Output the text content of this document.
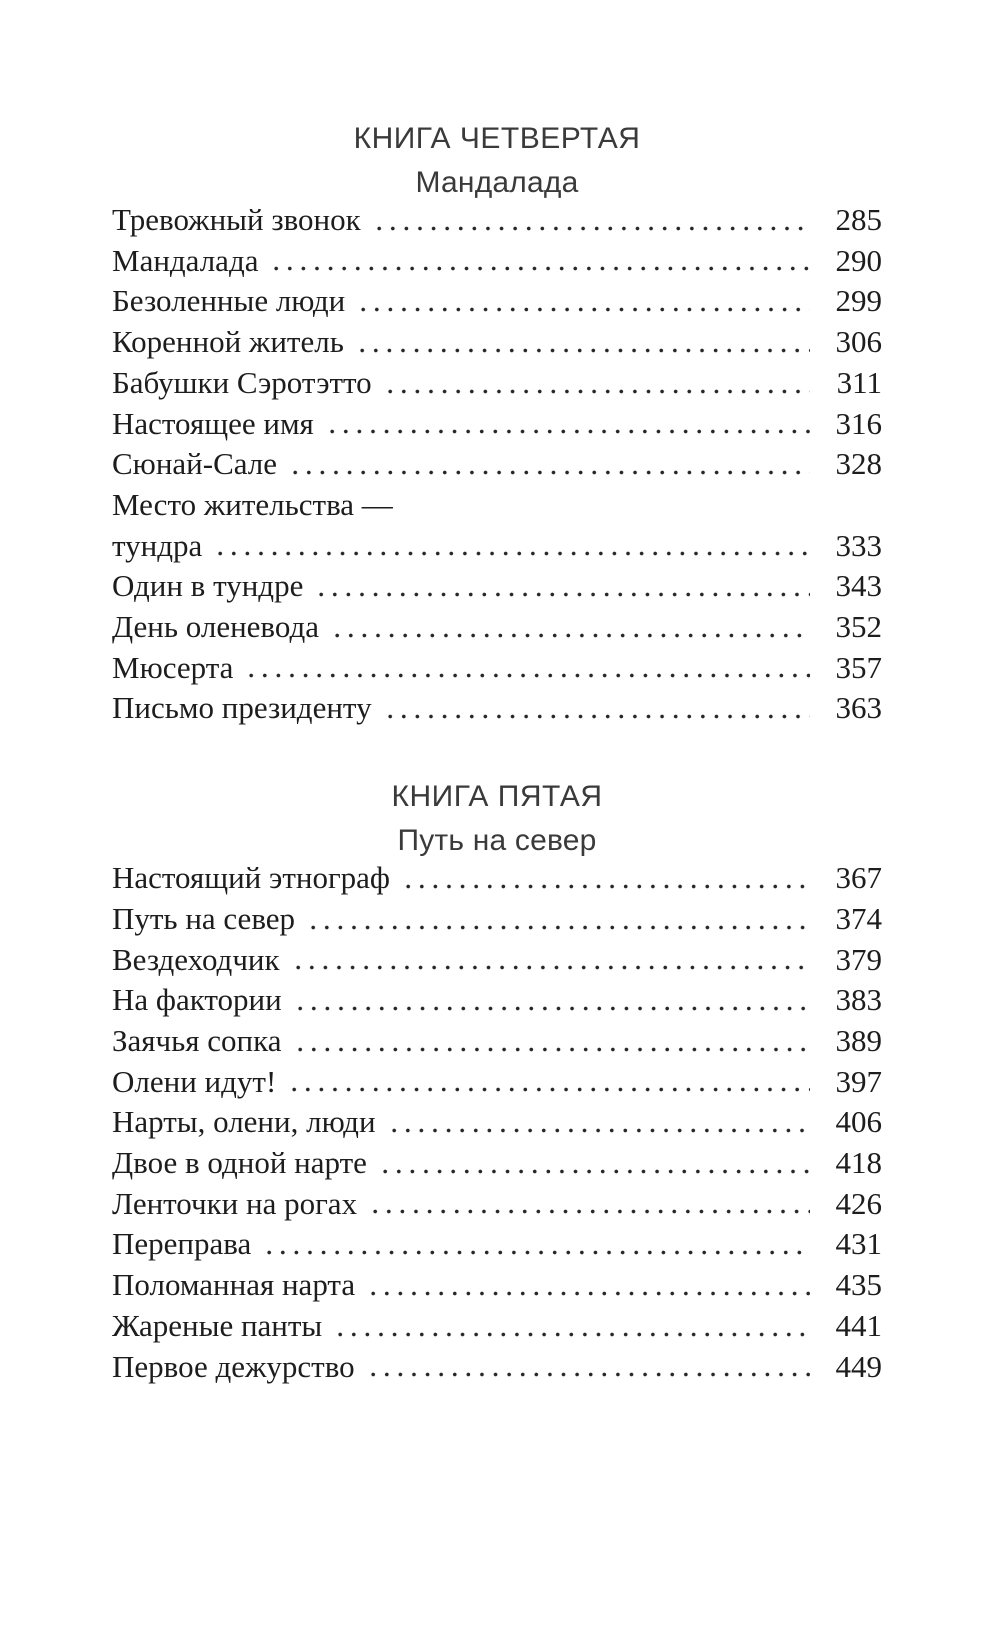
КНИГА ЧЕТВЕРТАЯ
Мандалада
Тревожный звонок	285
Мандалада	290
Безоленные люди	299
Коренной житель	306
Бабушки Сэротэтто	311
Настоящее имя	316
Сюнай-Сале	328
Место жительства —
тундра	333
Один в тундре	343
День оленевода	352
Мюсерта	357
Письмо президенту	363
КНИГА ПЯТАЯ
Путь на север
Настоящий этнограф	367
Путь на север	374
Вездеходчик	379
На фактории	383
Заячья сопка	389
Олени идут!	397
Нарты, олени, люди	406
Двое в одной нарте	418
Ленточки на рогах	426
Переправа	431
Поломанная нарта	435
Жареные панты	441
Первое дежурство	449
